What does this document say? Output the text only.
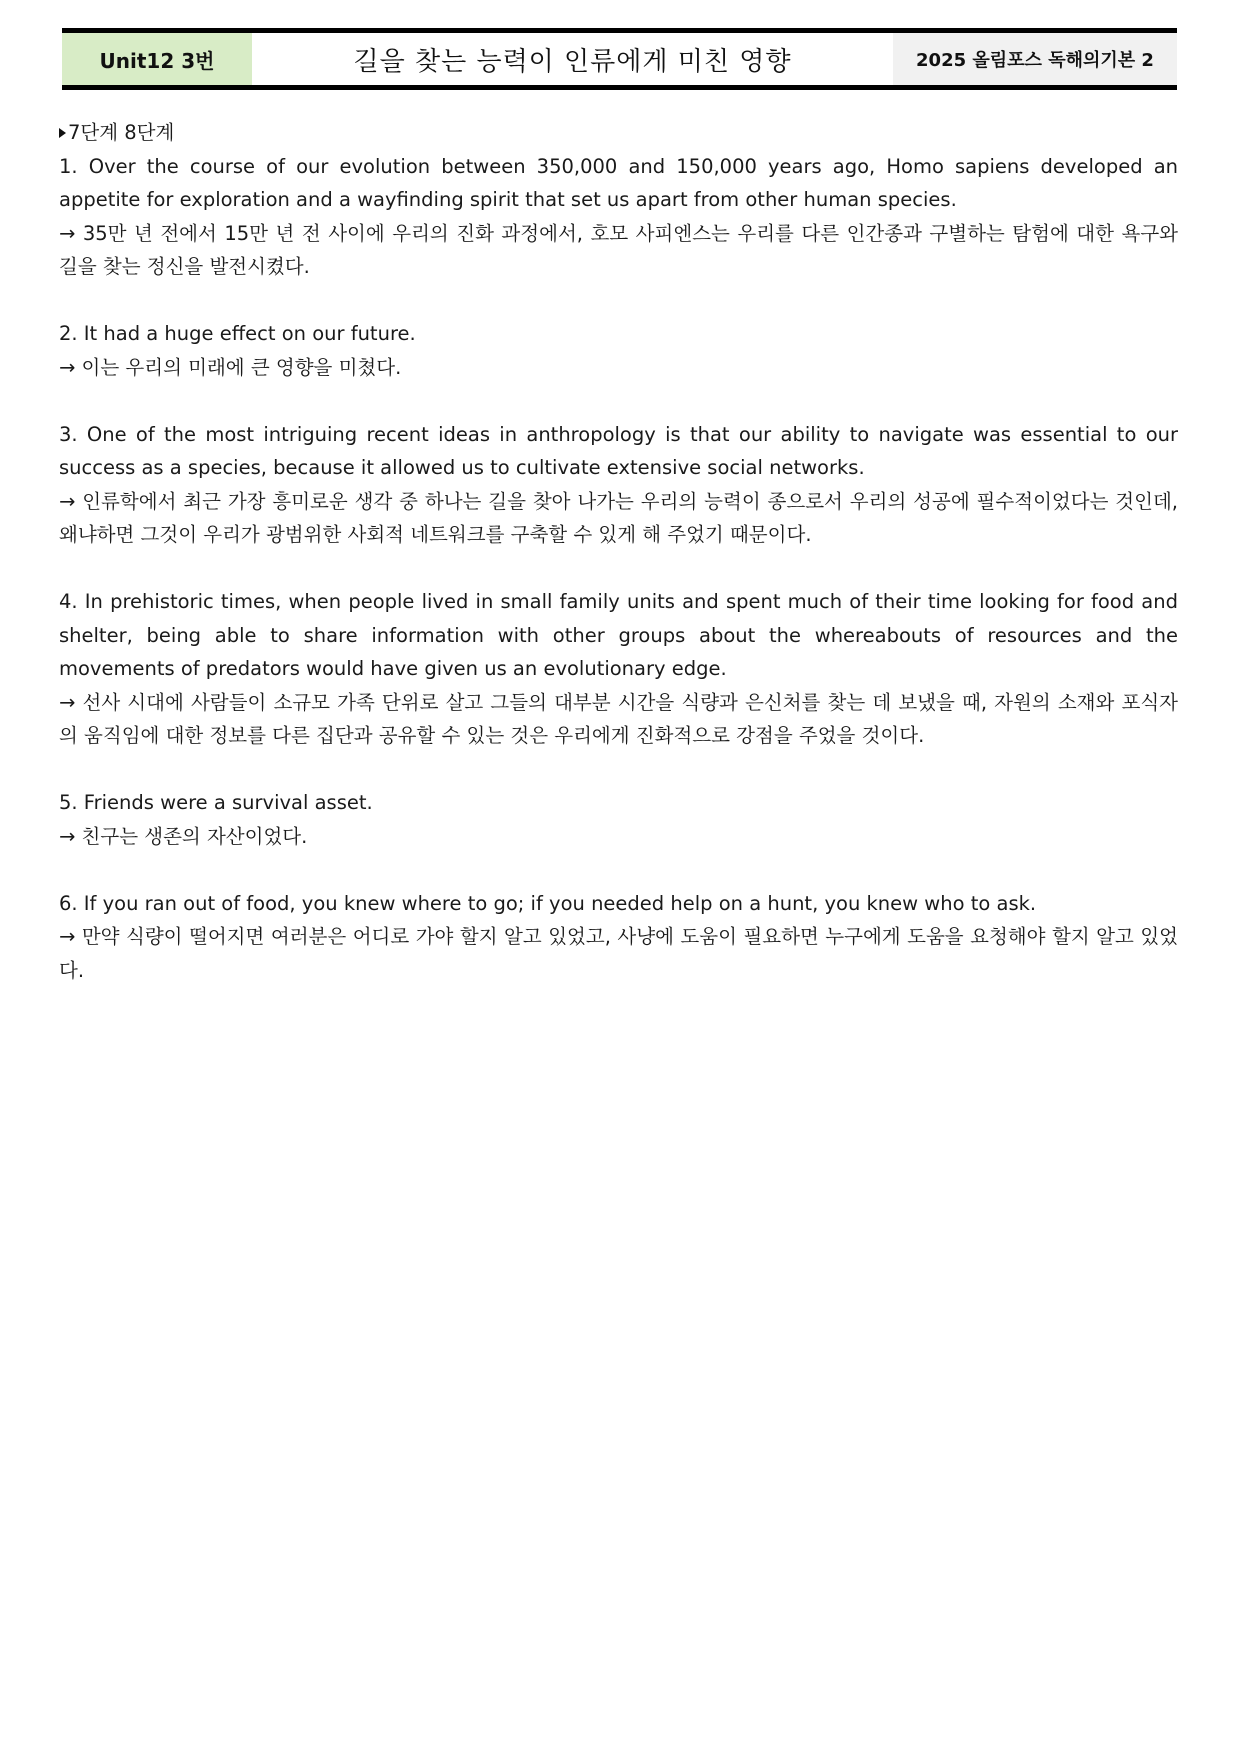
Unit12 3번	길을 찾는 능력이 인류에게 미친 영향	2025 올림포스 독해의기본 2

7단계 8단계

1. Over the course of our evolution between 350,000 and 150,000 years ago, Homo sapiens developed an appetite for exploration and a wayfinding spirit that set us apart from other human species.

→ 35만 년 전에서 15만 년 전 사이에 우리의 진화 과정에서, 호모 사피엔스는 우리를 다른 인간종과 구별하는 탐험에 대한 욕구와 길을 찾는 정신을 발전시켰다.

2. It had a huge effect on our future.

→ 이는 우리의 미래에 큰 영향을 미쳤다.

3. One of the most intriguing recent ideas in anthropology is that our ability to navigate was essential to our success as a species, because it allowed us to cultivate extensive social networks.

→ 인류학에서 최근 가장 흥미로운 생각 중 하나는 길을 찾아 나가는 우리의 능력이 종으로서 우리의 성공에 필수적이었다는 것인데, 왜냐하면 그것이 우리가 광범위한 사회적 네트워크를 구축할 수 있게 해 주었기 때문이다.

4. In prehistoric times, when people lived in small family units and spent much of their time looking for food and shelter, being able to share information with other groups about the whereabouts of resources and the movements of predators would have given us an evolutionary edge.

→ 선사 시대에 사람들이 소규모 가족 단위로 살고 그들의 대부분 시간을 식량과 은신처를 찾는 데 보냈을 때, 자원의 소재와 포식자의 움직임에 대한 정보를 다른 집단과 공유할 수 있는 것은 우리에게 진화적으로 강점을 주었을 것이다.

5. Friends were a survival asset.

→ 친구는 생존의 자산이었다.

6. If you ran out of food, you knew where to go; if you needed help on a hunt, you knew who to ask.

→ 만약 식량이 떨어지면 여러분은 어디로 가야 할지 알고 있었고, 사냥에 도움이 필요하면 누구에게 도움을 요청해야 할지 알고 있었다.
